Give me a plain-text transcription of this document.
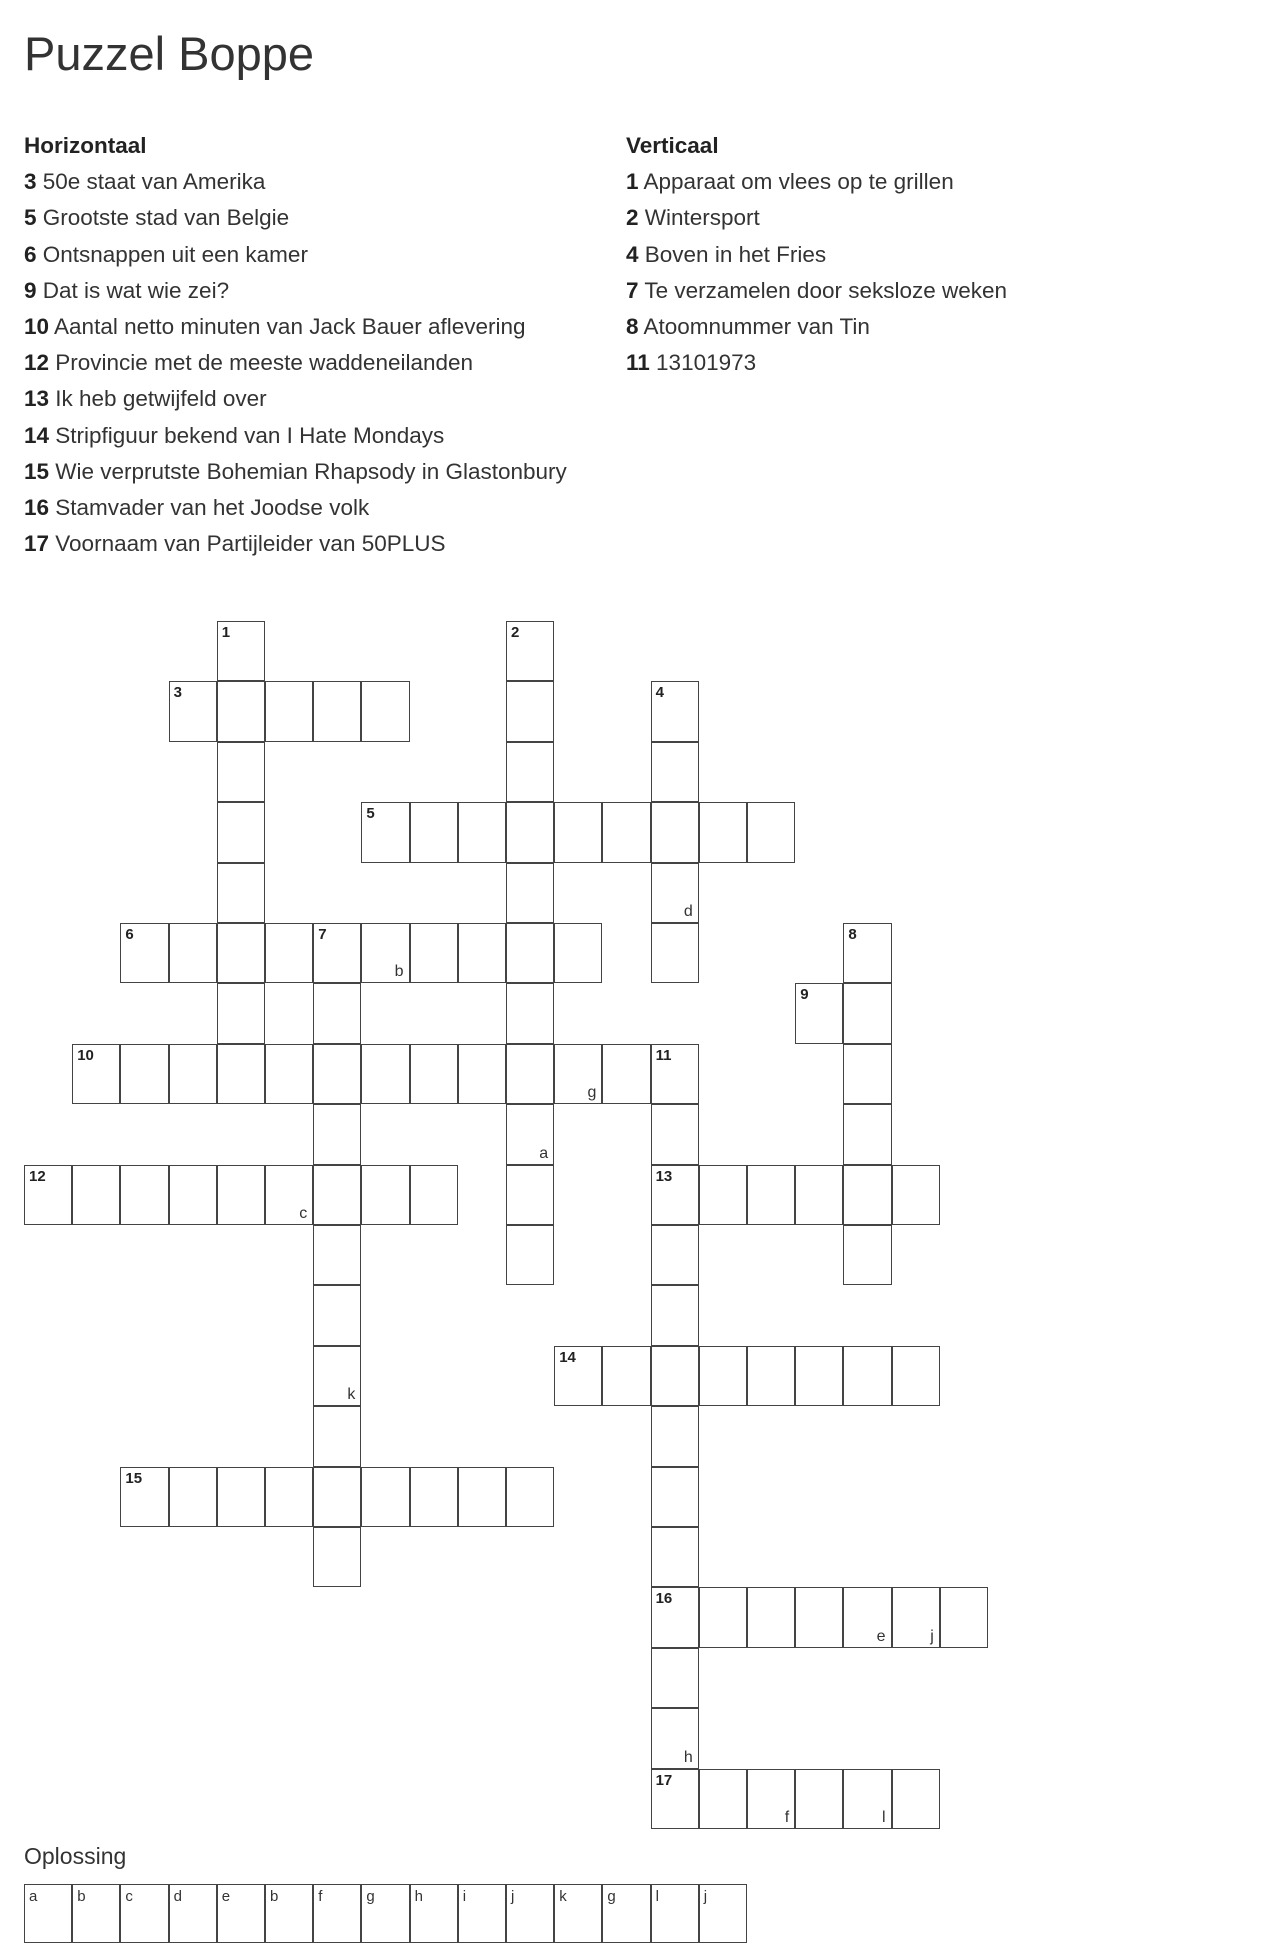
Puzzel Boppe
Horizontaal
3 50e staat van Amerika
5 Grootste stad van Belgie
6 Ontsnappen uit een kamer
9 Dat is wat wie zei?
10 Aantal netto minuten van Jack Bauer aflevering
12 Provincie met de meeste waddeneilanden
13 Ik heb getwijfeld over
14 Stripfiguur bekend van I Hate Mondays
15 Wie verprutste Bohemian Rhapsody in Glastonbury
16 Stamvader van het Joodse volk
17 Voornaam van Partijleider van 50PLUS
Verticaal
1 Apparaat om vlees op te grillen
2 Wintersport
4 Boven in het Fries
7 Te verzamelen door seksloze weken
8 Atoomnummer van Tin
11 13101973
3
5
6	7
b
9
10
g
11
12
c
13
14
15
16
e	j
17
f	l
1	2
a
4
d
k
8
h
Oplossing
a	b	c	d	e	b	f	g	h	i	j	k	g	l	j
